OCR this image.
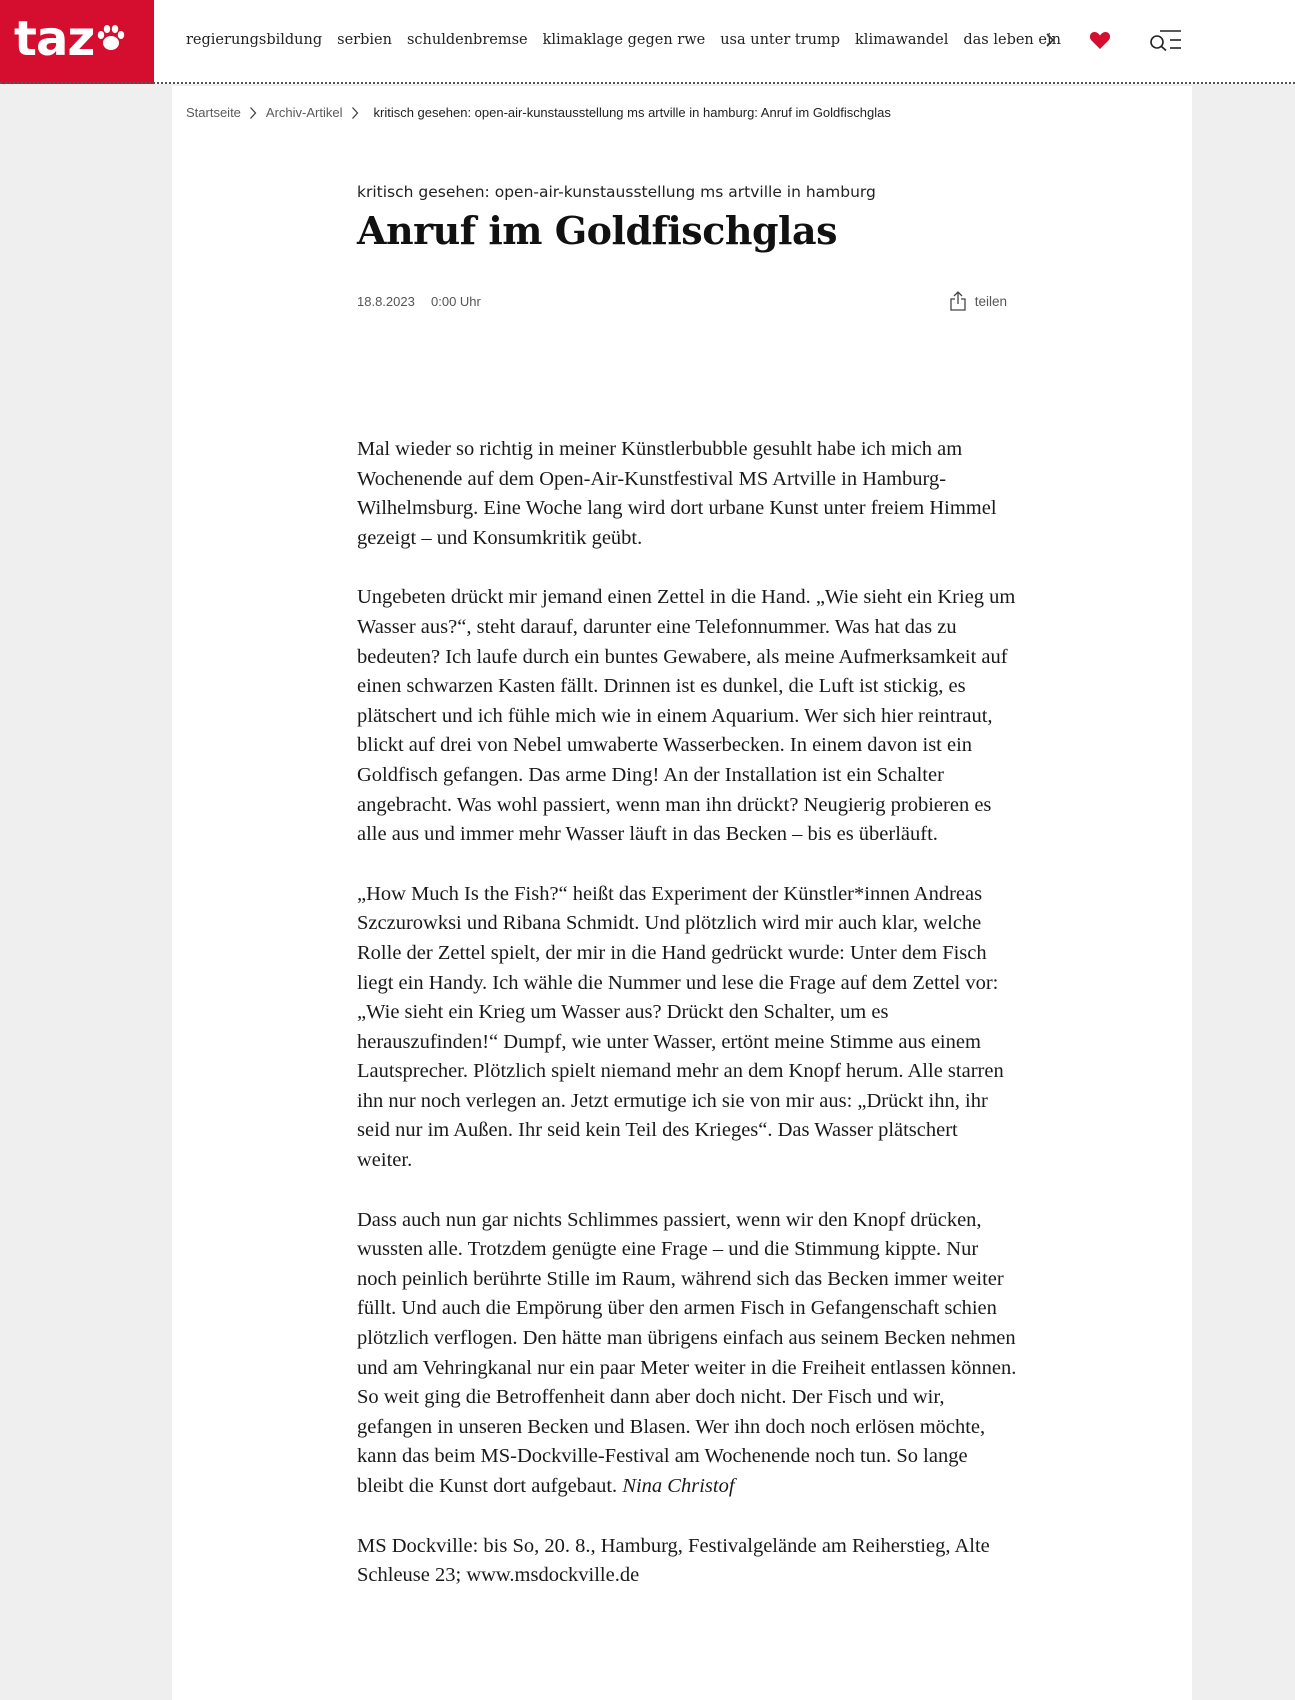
taz	regierungsbildung serbien schuldenbremse klimaklage gegen rwe usa unter trump klimawandel das leben ein
Startseite Archiv-Artikel kritisch gesehen: open-air-kunstausstellung ms artville in hamburg: Anruf im Goldfischglas
kritisch gesehen: open-air-kunstausstellung ms artville in hamburg
Anruf im Goldfischglas
18.8.2023 0:00 Uhr	teilen

Mal wieder so richtig in meiner Künstlerbubble gesuhlt habe ich mich am Wochenende auf dem Open-Air-Kunstfestival MS Artville in Hamburg-Wilhelmsburg. Eine Woche lang wird dort urbane Kunst unter freiem Himmel gezeigt – und Konsumkritik geübt.

Ungebeten drückt mir jemand einen Zettel in die Hand. „Wie sieht ein Krieg um Wasser aus?“, steht darauf, darunter eine Telefonnummer. Was hat das zu bedeuten? Ich laufe durch ein buntes Gewabere, als meine Aufmerksamkeit auf einen schwarzen Kasten fällt. Drinnen ist es dunkel, die Luft ist stickig, es plätschert und ich fühle mich wie in einem Aquarium. Wer sich hier reintraut, blickt auf drei von Nebel umwaberte Wasserbecken. In einem davon ist ein Goldfisch gefangen. Das arme Ding! An der Installation ist ein Schalter angebracht. Was wohl passiert, wenn man ihn drückt? Neugierig probieren es alle aus und immer mehr Wasser läuft in das Becken – bis es überläuft.

„How Much Is the Fish?“ heißt das Experiment der Künstler*innen Andreas Szczurowksi und Ribana Schmidt. Und plötzlich wird mir auch klar, welche Rolle der Zettel spielt, der mir in die Hand gedrückt wurde: Unter dem Fisch liegt ein Handy. Ich wähle die Nummer und lese die Frage auf dem Zettel vor: „Wie sieht ein Krieg um Wasser aus? Drückt den Schalter, um es herauszufinden!“ Dumpf, wie unter Wasser, ertönt meine Stimme aus einem Lautsprecher. Plötzlich spielt niemand mehr an dem Knopf herum. Alle starren ihn nur noch verlegen an. Jetzt ermutige ich sie von mir aus: „Drückt ihn, ihr seid nur im Außen. Ihr seid kein Teil des Krieges“. Das Wasser plätschert weiter.

Dass auch nun gar nichts Schlimmes passiert, wenn wir den Knopf drücken, wussten alle. Trotzdem genügte eine Frage – und die Stimmung kippte. Nur noch peinlich berührte Stille im Raum, während sich das Becken immer weiter füllt. Und auch die Empörung über den armen Fisch in Gefangenschaft schien plötzlich verflogen. Den hätte man übrigens einfach aus seinem Becken nehmen und am Vehringkanal nur ein paar Meter weiter in die Freiheit entlassen können. So weit ging die Betroffenheit dann aber doch nicht. Der Fisch und wir, gefangen in unseren Becken und Blasen. Wer ihn doch noch erlösen möchte, kann das beim MS-Dockville-Festival am Wochenende noch tun. So lange bleibt die Kunst dort aufgebaut. Nina Christof

MS Dockville: bis So, 20. 8., Hamburg, Festivalgelände am Reiherstieg, Alte Schleuse 23; www.msdockville.de
